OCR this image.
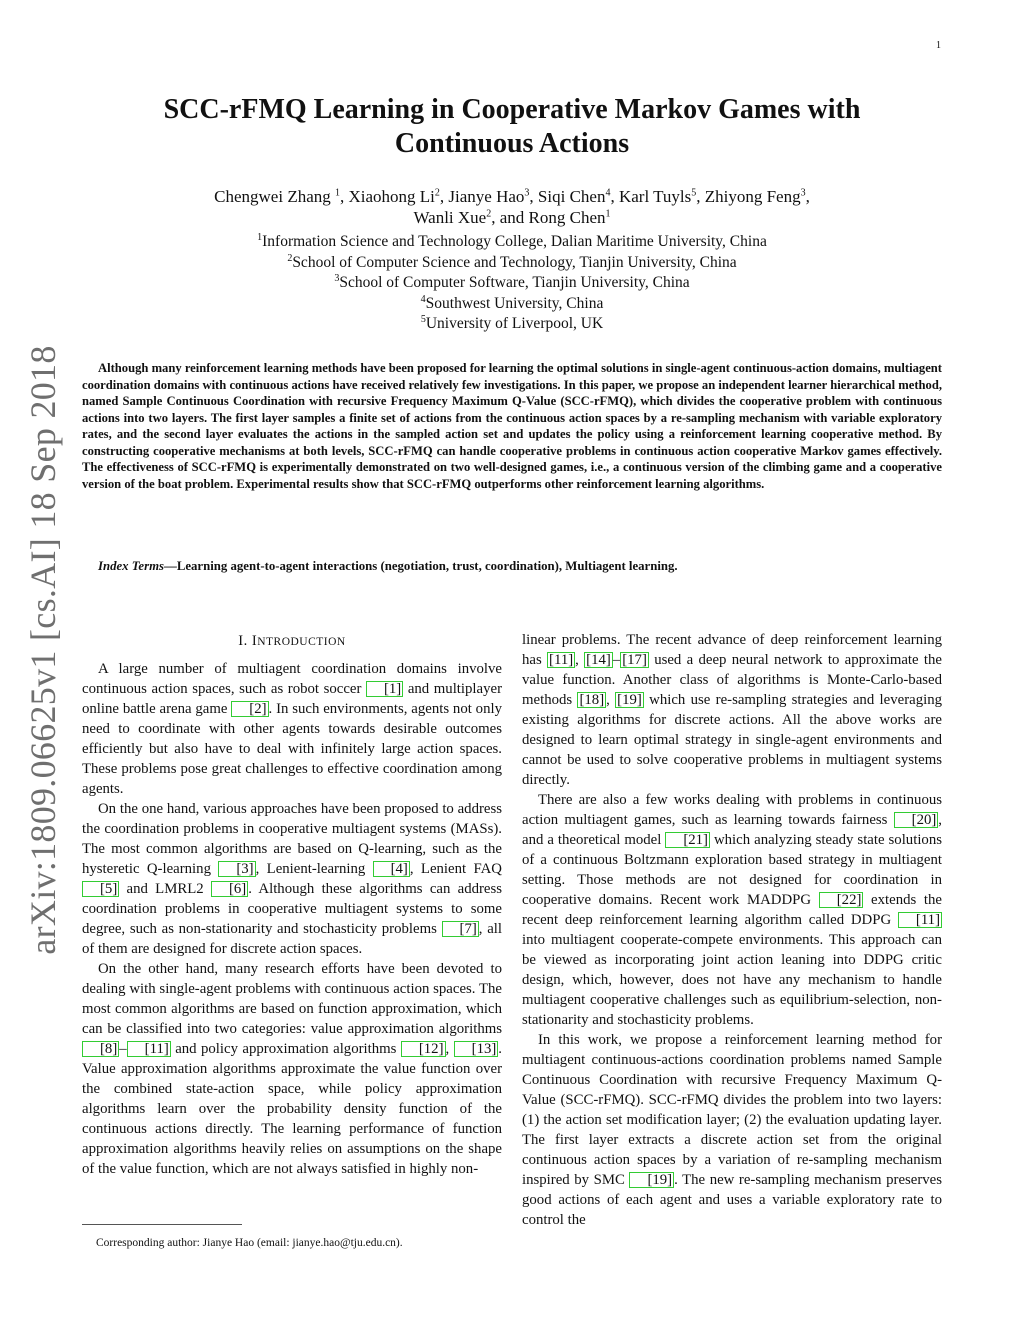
1
arXiv:1809.06625v1 [cs.AI] 18 Sep 2018
SCC-rFMQ Learning in Cooperative Markov Games with Continuous Actions
Chengwei Zhang $^1$, Xiaohong Li$^2$, Jianye Hao$^3$, Siqi Chen$^4$, Karl Tuyls$^5$, Zhiyong Feng$^3$,
Wanli Xue$^2$, and Rong Chen$^1$
$^1$Information Science and Technology College, Dalian Maritime University, China
$^2$School of Computer Science and Technology, Tianjin University, China
$^3$School of Computer Software, Tianjin University, China
$^4$Southwest University, China
$^5$University of Liverpool, UK

Although many reinforcement learning methods have been proposed for learning the optimal solutions in single-agent continuous-action domains, multiagent coordination domains with continuous actions have received relatively few investigations. In this paper, we propose an independent learner hierarchical method, named Sample Continuous Coordination with recursive Frequency Maximum Q-Value (SCC-rFMQ), which divides the cooperative problem with continuous actions into two layers. The first layer samples a finite set of actions from the continuous action spaces by a re-sampling mechanism with variable exploratory rates, and the second layer evaluates the actions in the sampled action set and updates the policy using a reinforcement learning cooperative method. By constructing cooperative mechanisms at both levels, SCC-rFMQ can handle cooperative problems in continuous action cooperative Markov games effectively. The effectiveness of SCC-rFMQ is experimentally demonstrated on two well-designed games, i.e., a continuous version of the climbing game and a cooperative version of the boat problem. Experimental results show that SCC-rFMQ outperforms other reinforcement learning algorithms.

Index Terms—Learning agent-to-agent interactions (negotiation, trust, coordination), Multiagent learning.

I. INTRODUCTION

A large number of multiagent coordination domains involve continuous action spaces, such as robot soccer [1] and multiplayer online battle arena game [2] . In such environments, agents not only need to coordinate with other agents towards desirable outcomes efficiently but also have to deal with infinitely large action spaces. These problems pose great challenges to effective coordination among agents.

On the one hand, various approaches have been proposed to address the coordination problems in cooperative multiagent systems (MASs). The most common algorithms are based on Q-learning, such as the hysteretic Q-learning [3] , Lenient-learning [4] , Lenient FAQ [5] and LMRL2 [6] . Although these algorithms can address coordination problems in cooperative multiagent systems to some degree, such as non-stationarity and stochasticity problems [7] , all of them are designed for discrete action spaces.

On the other hand, many research efforts have been devoted to dealing with single-agent problems with continuous action spaces. The most common algorithms are based on function approximation, which can be classified into two categories: value approximation algorithms [8] – [11] and policy approximation algorithms [12] , [13] . Value approximation algorithms approximate the value function over the combined state-action space, while policy approximation algorithms learn over the probability density function of the continuous actions directly. The learning performance of function approximation algorithms heavily relies on assumptions on the shape of the value function, which are not always satisfied in highly non-

linear problems. The recent advance of deep reinforcement learning has [11] , [14] – [17] used a deep neural network to approximate the value function. Another class of algorithms is Monte-Carlo-based methods [18] , [19] which use re-sampling strategies and leveraging existing algorithms for discrete actions. All the above works are designed to learn optimal strategy in single-agent environments and cannot be used to solve cooperative problems in multiagent systems directly.

There are also a few works dealing with problems in continuous action multiagent games, such as learning towards fairness [20] , and a theoretical model [21] which analyzing steady state solutions of a continuous Boltzmann exploration based strategy in multiagent setting. Those methods are not designed for coordination in cooperative domains. Recent work MADDPG [22] extends the recent deep reinforcement learning algorithm called DDPG [11] into multiagent cooperate-compete environments. This approach can be viewed as incorporating joint action leaning into DDPG critic design, which, however, does not have any mechanism to handle multiagent cooperative challenges such as equilibrium-selection, non-stationarity and stochasticity problems.

In this work, we propose a reinforcement learning method for multiagent continuous-actions coordination problems named Sample Continuous Coordination with recursive Frequency Maximum Q-Value (SCC-rFMQ). SCC-rFMQ divides the problem into two layers: (1) the action set modification layer; (2) the evaluation updating layer. The first layer extracts a discrete action set from the original continuous action spaces by a variation of re-sampling mechanism inspired by SMC [19] . The new re-sampling mechanism preserves good actions of each agent and uses a variable exploratory rate to control the

Corresponding author: Jianye Hao (email: jianye.hao@tju.edu.cn).
